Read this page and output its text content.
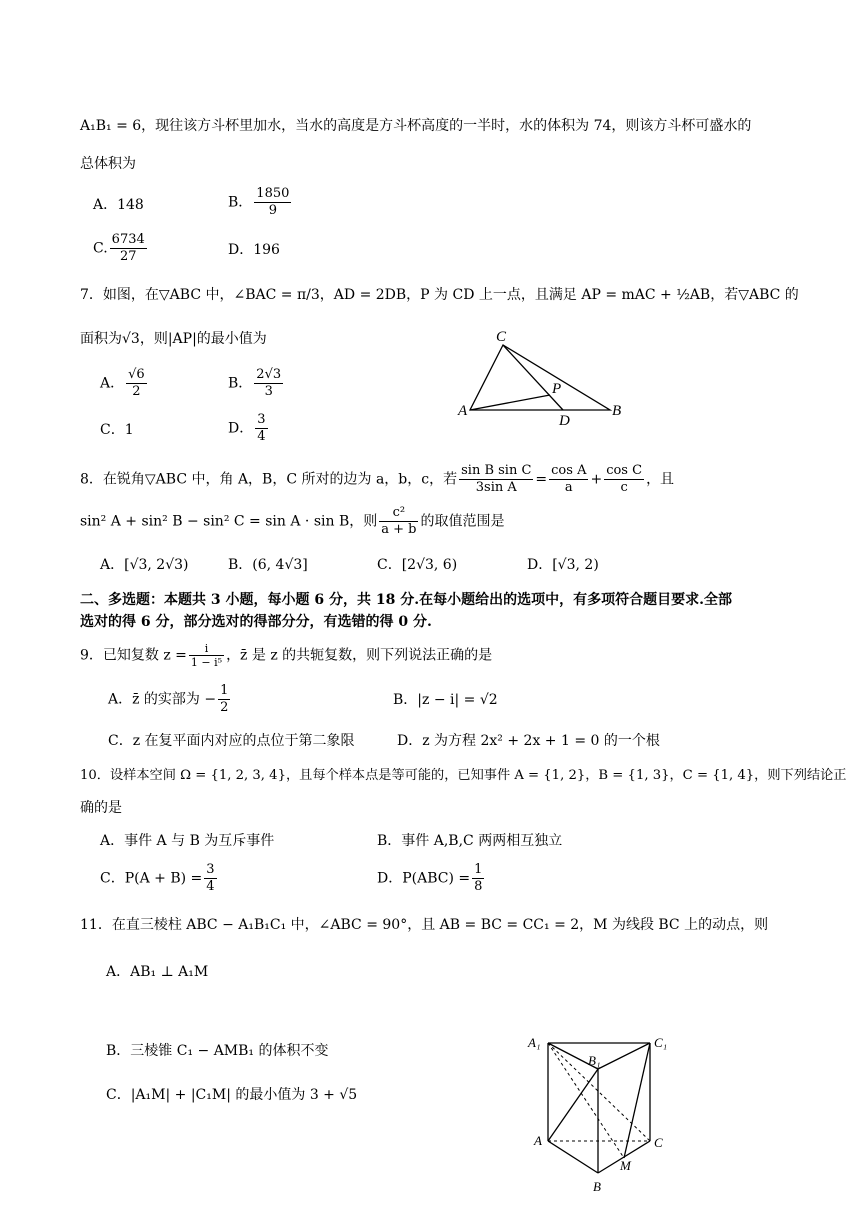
A₁B₁ = 6，现往该方斗杯里加水，当水的高度是方斗杯高度的一半时，水的体积为 74，则该方斗杯可盛水的
总体积为
A．148	B． $\frac{1850}{9}$
C. $\frac{6734}{27}$	D．196
7．如图，在▽ABC 中，∠BAC = π/3，AD = 2DB，P 为 CD 上一点，且满足 AP = mAC + ½AB，若▽ABC 的
面积为√3，则|AP|的最小值为
A． $\frac{√6}{2}$	B． $\frac{2√3}{3}$
C．1	D． $\frac{3}{4}$
C
P
A
D
B
8．在锐角▽ABC 中，角 A，B，C 所对的边为 a，b，c，若 $\frac{\text{sin B sin C}}{\text{3sin A}} = \frac{\text{cos A}}{a} + \frac{\text{cos C}}{c}$ ，且
sin² A + sin² B − sin² C = sin A · sin B，则 $\frac{\text{c²}}{a + b}$ 的取值范围是
A．[√3, 2√3)	B．(6, 4√3]	C．[2√3, 6)	D．[√3, 2)
二、多选题：本题共 3 小题，每小题 6 分，共 18 分.在每小题给出的选项中，有多项符合题目要求.全部
选对的得 6 分，部分选对的得部分分，有选错的得 0 分.
9．已知复数 $z = \frac{i}{\text{1 − i⁵}}$ ，z̄ 是 z 的共轭复数，则下列说法正确的是
A．z̄ 的实部为 − $\frac{1}{2}$	B．|z − i| = √2
C．z 在复平面内对应的点位于第二象限	D．z 为方程 2x² + 2x + 1 = 0 的一个根
10．设样本空间 Ω = {1, 2, 3, 4}，且每个样本点是等可能的，已知事件 A = {1, 2}，B = {1, 3}，C = {1, 4}，则下列结论正
确的是
A．事件 A 与 B 为互斥事件	B．事件 A,B,C 两两相互独立
C．$P(A + B) = \frac{3}{4}$	D．$P(ABC) = \frac{1}{8}$
11．在直三棱柱 ABC − A₁B₁C₁ 中，∠ABC = 90°，且 AB = BC = CC₁ = 2，M 为线段 BC 上的动点，则
A．AB₁ ⊥ A₁M
B．三棱锥 C₁ − AMB₁ 的体积不变
C．|A₁M| + |C₁M| 的最小值为 3 + √5
A₁
B₁
C₁
A	C
M
B
